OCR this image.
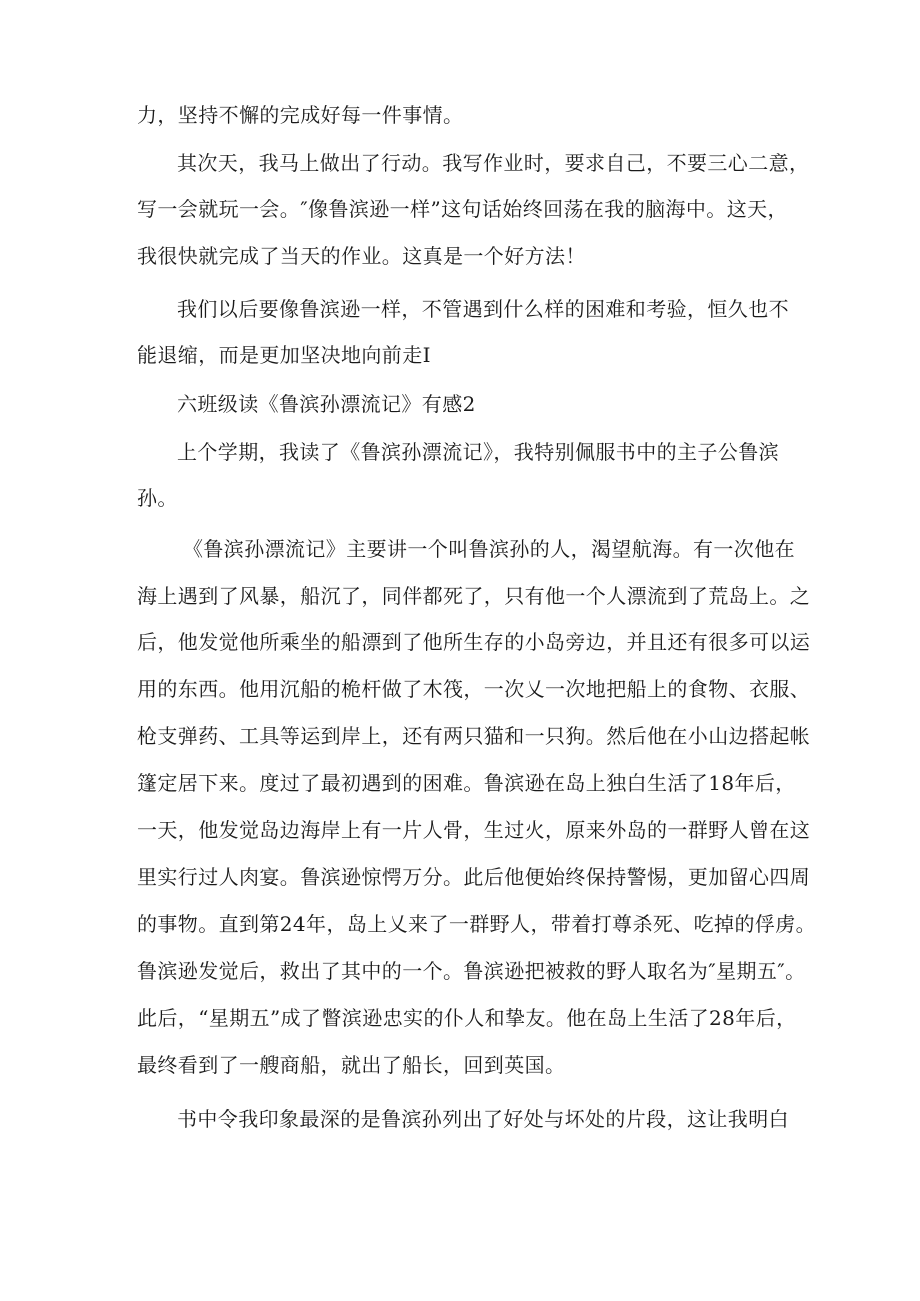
力，坚持不懈的完成好每一件事情。
其次天，我马上做出了行动。我写作业时，要求自己，不要三心二意，
写一会就玩一会。″像鲁滨逊一样”这句话始终回荡在我的脑海中。这天，
我很快就完成了当天的作业。这真是一个好方法！
我们以后要像鲁滨逊一样，不管遇到什么样的困难和考验，恒久也不
能退缩，而是更加坚决地向前走I
六班级读《鲁滨孙漂流记》有感2
上个学期，我读了《鲁滨孙漂流记》，我特别佩服书中的主子公鲁滨
孙。
《鲁滨孙漂流记》主要讲一个叫鲁滨孙的人，渴望航海。有一次他在
海上遇到了风暴，船沉了，同伴都死了，只有他一个人漂流到了荒岛上。之
后，他发觉他所乘坐的船漂到了他所生存的小岛旁边，并且还有很多可以运
用的东西。他用沉船的桅杆做了木筏，一次乂一次地把船上的食物、衣服、
枪支弹药、工具等运到岸上，还有两只猫和一只狗。然后他在小山边搭起帐
篷定居下来。度过了最初遇到的困难。鲁滨逊在岛上独白生活了18年后，
一天，他发觉岛边海岸上有一片人骨，生过火，原来外岛的一群野人曾在这
里实行过人肉宴。鲁滨逊惊愕万分。此后他便始终保持警惕，更加留心四周
的事物。直到第24年，岛上乂来了一群野人，带着打尊杀死、吃掉的俘虏。
鲁滨逊发觉后，救出了其中的一个。鲁滨逊把被救的野人取名为″星期五″。
此后，“星期五”成了瞥滨逊忠实的仆人和挚友。他在岛上生活了28年后，
最终看到了一艘商船，就出了船长，回到英国。
书中令我印象最深的是鲁滨孙列出了好处与坏处的片段，这让我明白
